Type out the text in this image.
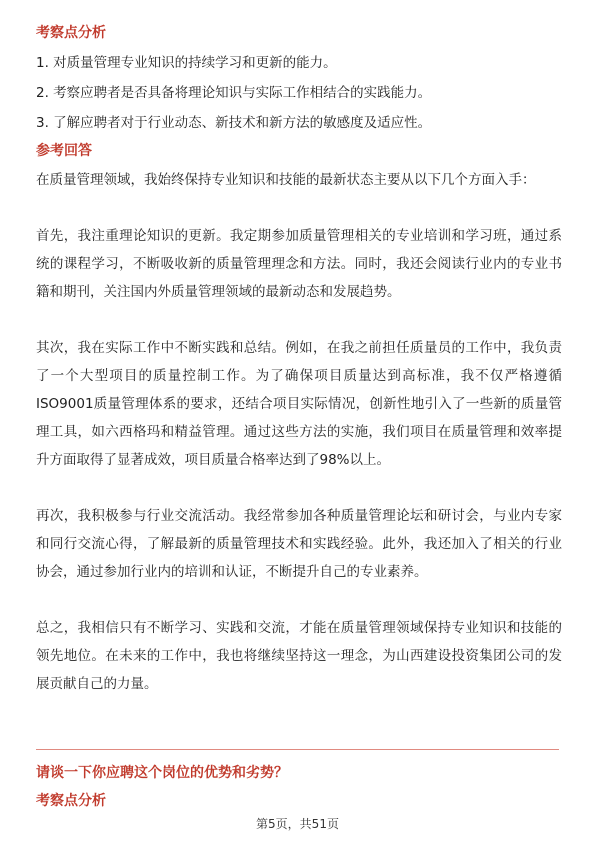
考察点分析

1. 对质量管理专业知识的持续学习和更新的能力。

2. 考察应聘者是否具备将理论知识与实际工作相结合的实践能力。

3. 了解应聘者对于行业动态、新技术和新方法的敏感度及适应性。

参考回答

在质量管理领域，我始终保持专业知识和技能的最新状态主要从以下几个方面入手：

首先，我注重理论知识的更新。我定期参加质量管理相关的专业培训和学习班，通过系统的课程学习，不断吸收新的质量管理理念和方法。同时，我还会阅读行业内的专业书籍和期刊，关注国内外质量管理领域的最新动态和发展趋势。

其次，我在实际工作中不断实践和总结。例如，在我之前担任质量员的工作中，我负责了一个大型项目的质量控制工作。为了确保项目质量达到高标准，我不仅严格遵循ISO9001质量管理体系的要求，还结合项目实际情况，创新性地引入了一些新的质量管理工具，如六西格玛和精益管理。通过这些方法的实施，我们项目在质量管理和效率提升方面取得了显著成效，项目质量合格率达到了98%以上。

再次，我积极参与行业交流活动。我经常参加各种质量管理论坛和研讨会，与业内专家和同行交流心得，了解最新的质量管理技术和实践经验。此外，我还加入了相关的行业协会，通过参加行业内的培训和认证，不断提升自己的专业素养。

总之，我相信只有不断学习、实践和交流，才能在质量管理领域保持专业知识和技能的领先地位。在未来的工作中，我也将继续坚持这一理念，为山西建设投资集团公司的发展贡献自己的力量。

请谈一下你应聘这个岗位的优势和劣势？
考察点分析
第5页，共51页
